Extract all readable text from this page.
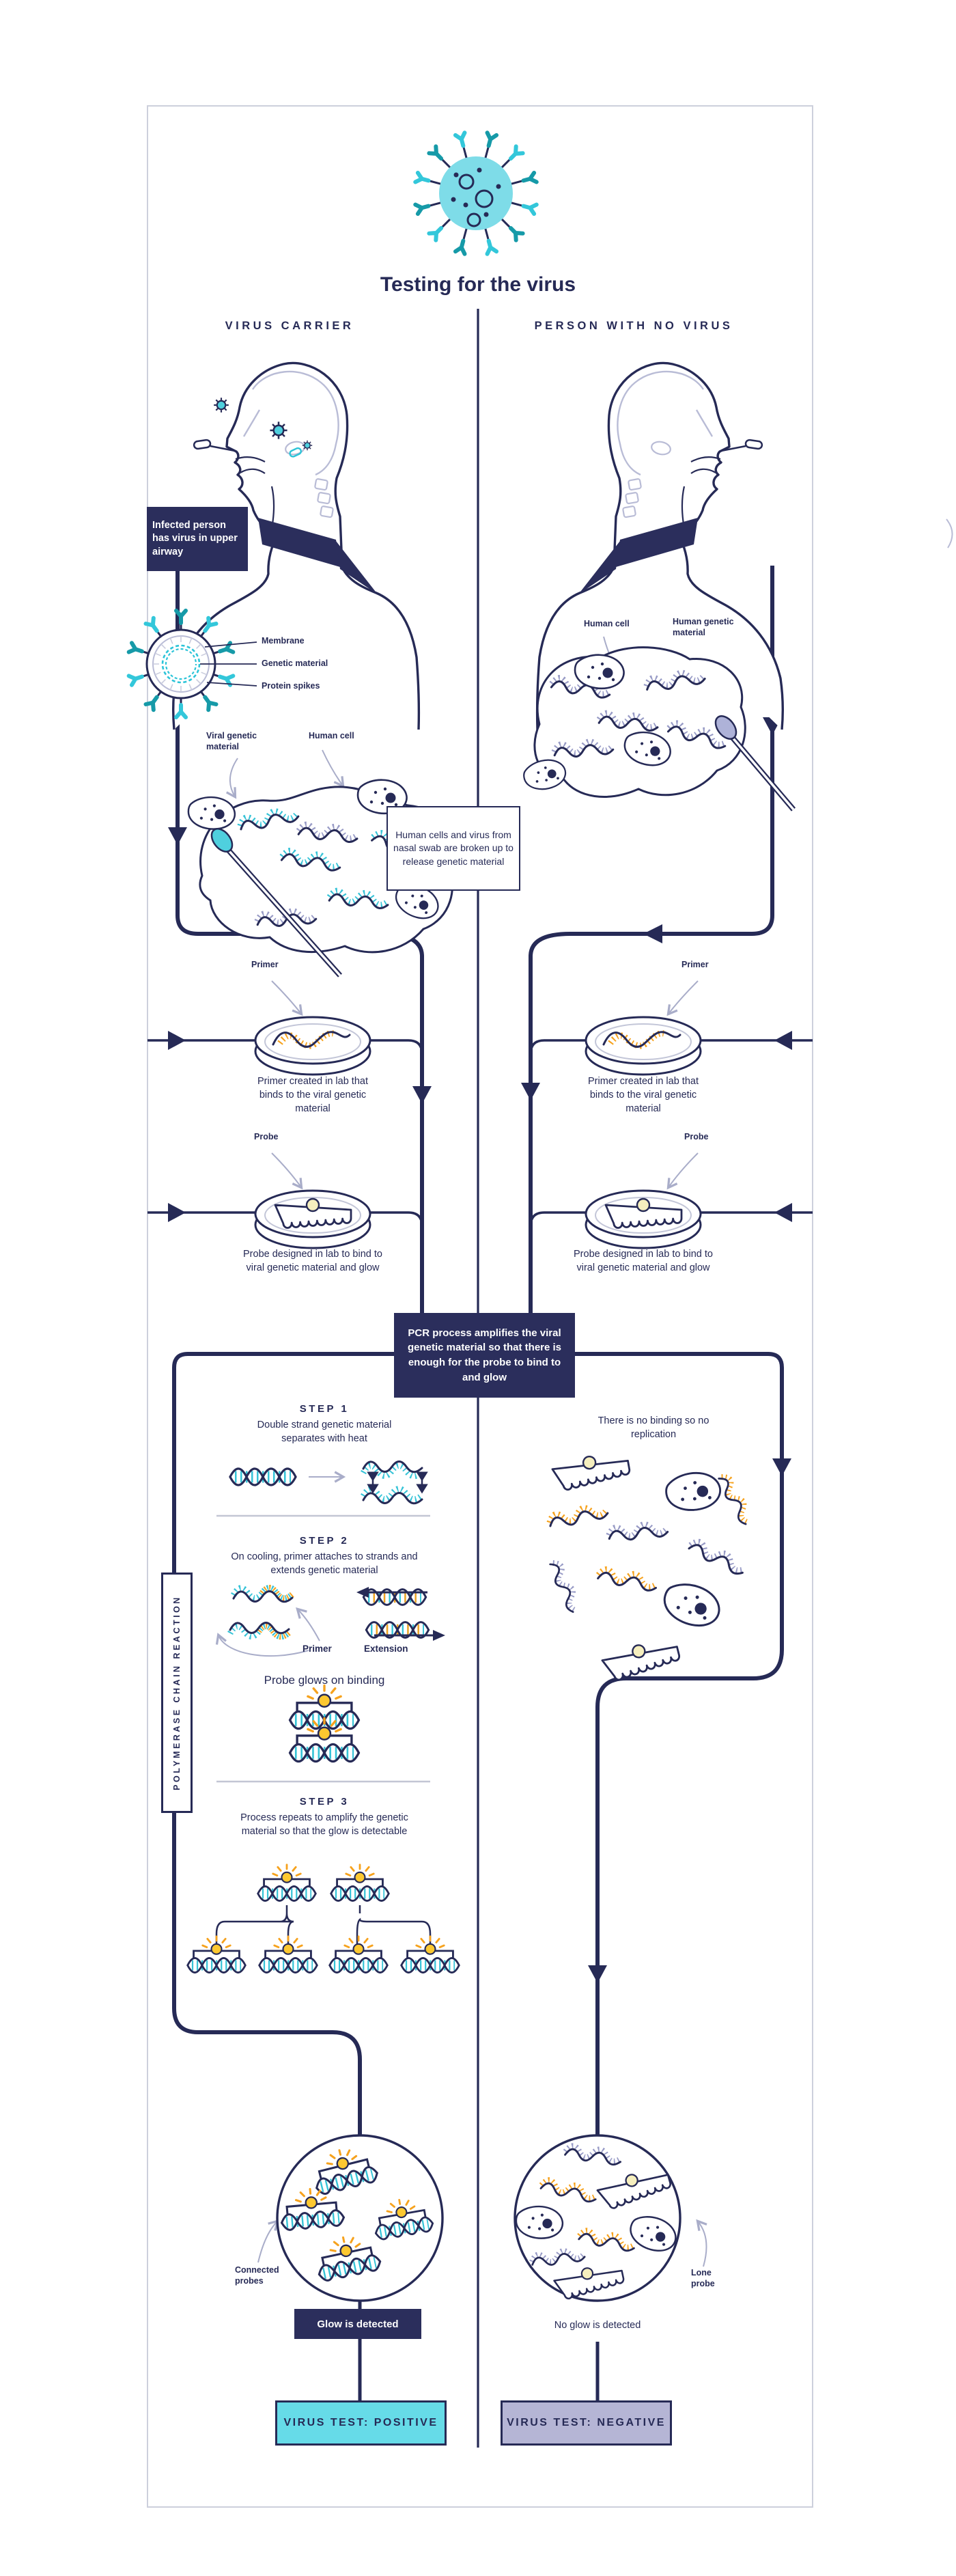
Testing for the virus
VIRUS CARRIER	PERSON WITH NO VIRUS
Infected person has virus in upper airway
Membrane
Genetic material
Protein spikes
Viral genetic material
Human cell
Human cell	Human genetic material
Human cells and virus from nasal swab are broken up to release genetic material
Primer	Primer
Primer created in lab that binds to the viral genetic material
Primer created in lab that binds to the viral genetic material
Probe	Probe
Probe designed in lab to bind to viral genetic material and glow
Probe designed in lab to bind to viral genetic material and glow
PCR process amplifies the viral genetic material so that there is enough for the probe to bind to and glow
POLYMERASE CHAIN REACTION
STEP 1
Double strand genetic material separates with heat
STEP 2
On cooling, primer attaches to strands and extends genetic material
Primer	Extension
Probe glows on binding
STEP 3
Process repeats to amplify the genetic material so that the glow is detectable
There is no binding so no replication
Connected probes
Lone probe
Glow is detected	No glow is detected
VIRUS TEST: POSITIVE	VIRUS TEST: NEGATIVE
